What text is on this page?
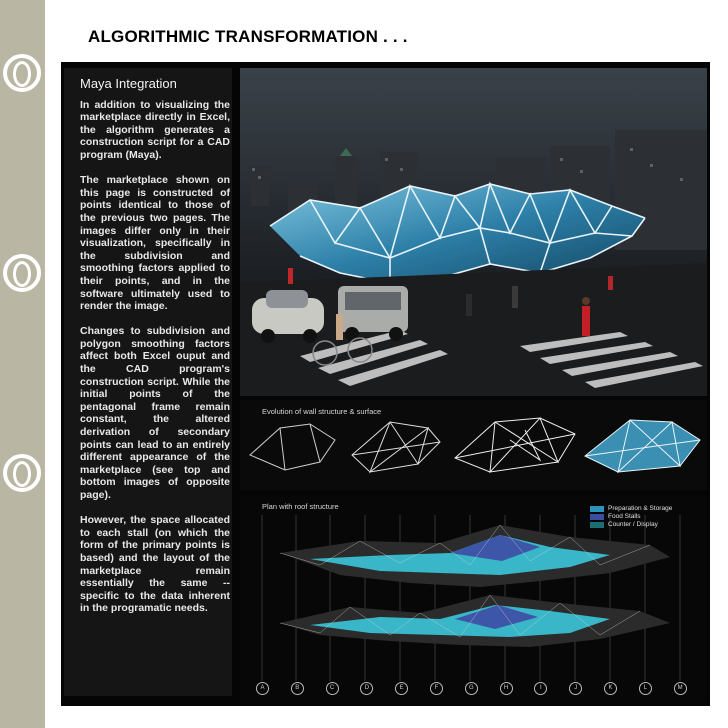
ALGORITHMIC TRANSFORMATION . . .
Maya Integration

In addition to visualizing the marketplace directly in Excel, the algorithm generates a construction script for a CAD program (Maya).

The marketplace shown on this page is constructed of points identical to those of the previous two pages. The images differ only in their visualization, specifically in the subdivision and smoothing factors applied to their points, and in the software ultimately used to render the image.

Changes to subdivision and polygon smoothing factors affect both Excel ouput and the CAD program's construction script. While the initial points of the pentagonal frame remain constant, the altered derivation of secondary points can lead to an entirely different appearance of the marketplace (see top and bottom images of opposite page).

However, the space allocated to each stall (on which the form of the primary points is based) and the layout of the marketplace remain essentially the same -- specific to the data inherent in the programatic needs.

Evolution of wall structure & surface
Plan with roof structure	Preparation & Storage
Food Stalls
Counter / Display
A	B	C	D	E	F	G	H	I	J	K	L	M
